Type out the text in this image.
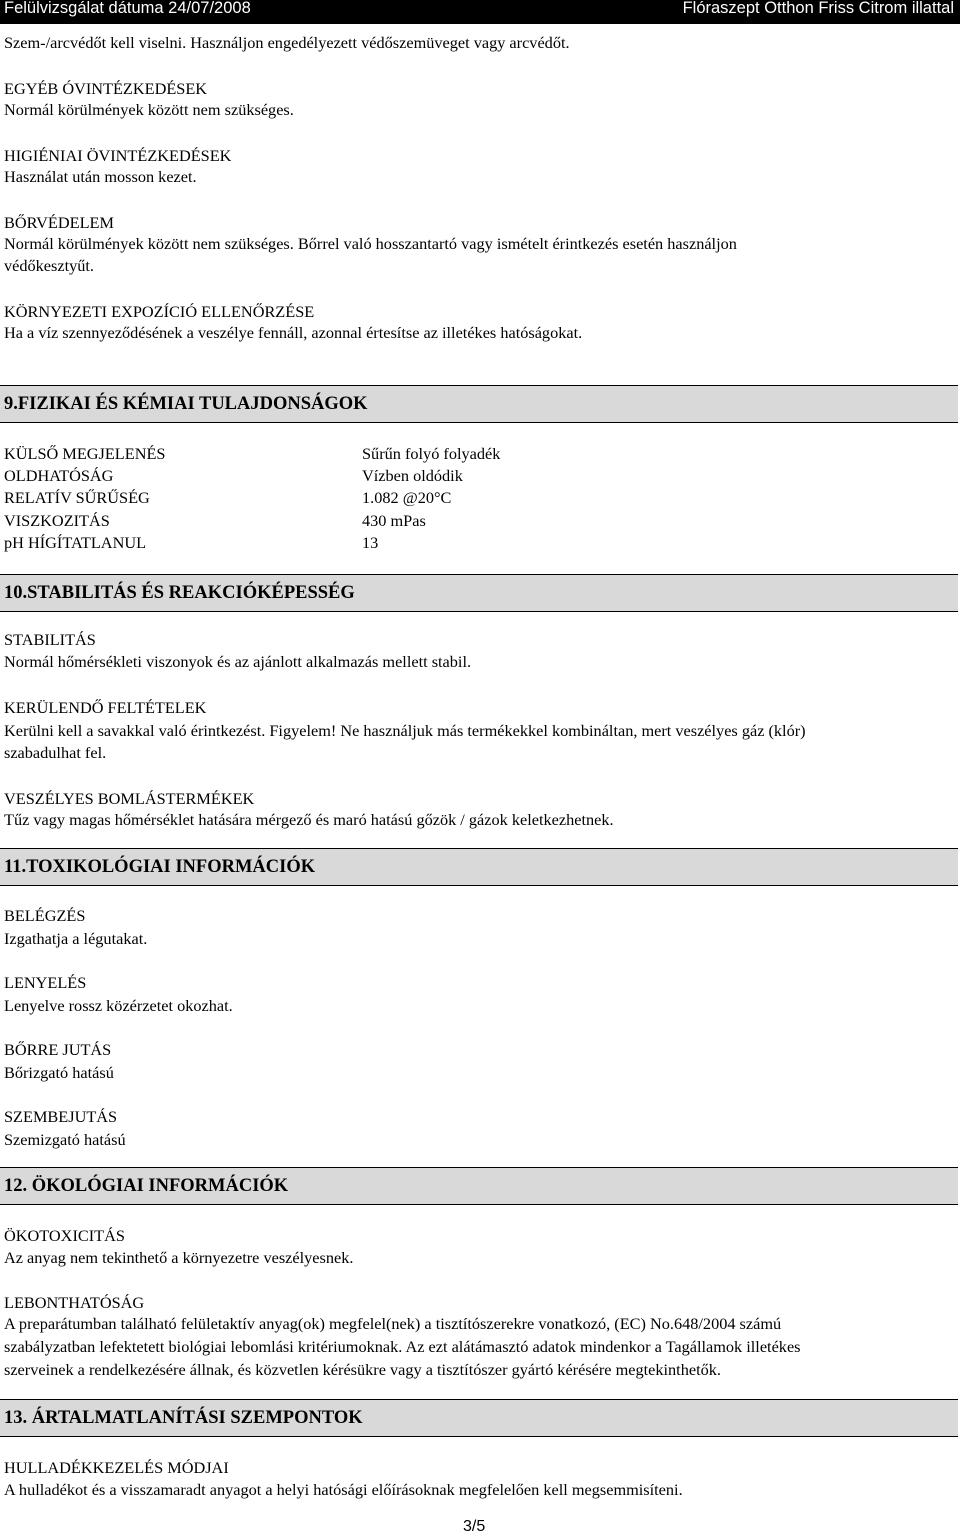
Felülvizsgálat dátuma 24/07/2008	Flóraszept Otthon Friss Citrom illattal
Szem-/arcvédőt kell viselni. Használjon engedélyezett védőszemüveget vagy arcvédőt.
EGYÉB ÓVINTÉZKEDÉSEK
Normál körülmények között nem szükséges.
HIGIÉNIAI ÖVINTÉZKEDÉSEK
Használat után mosson kezet.
BŐRVÉDELEM
Normál körülmények között nem szükséges. Bőrrel való hosszantartó vagy ismételt érintkezés esetén használjon
védőkesztyűt.
KÖRNYEZETI EXPOZÍCIÓ ELLENŐRZÉSE
Ha a víz szennyeződésének a veszélye fennáll, azonnal értesítse az illetékes hatóságokat.
9.FIZIKAI ÉS KÉMIAI TULAJDONSÁGOK
KÜLSŐ MEGJELENÉS	Sűrűn folyó folyadék
OLDHATÓSÁG	Vízben oldódik
RELATÍV SŰRŰSÉG	1.082 @20°C
VISZKOZITÁS	430 mPas
pH HÍGÍTATLANUL	13
10.STABILITÁS ÉS REAKCIÓKÉPESSÉG
STABILITÁS
Normál hőmérsékleti viszonyok és az ajánlott alkalmazás mellett stabil.
KERÜLENDŐ FELTÉTELEK
Kerülni kell a savakkal való érintkezést. Figyelem! Ne használjuk más termékekkel kombináltan, mert veszélyes gáz (klór)
szabadulhat fel.
VESZÉLYES BOMLÁSTERMÉKEK
Tűz vagy magas hőmérséklet hatására mérgező és maró hatású gőzök / gázok keletkezhetnek.
11.TOXIKOLÓGIAI INFORMÁCIÓK
BELÉGZÉS
Izgathatja a légutakat.
LENYELÉS
Lenyelve rossz közérzetet okozhat.
BŐRRE JUTÁS
Bőrizgató hatású
SZEMBEJUTÁS
Szemizgató hatású
12. ÖKOLÓGIAI INFORMÁCIÓK
ÖKOTOXICITÁS
Az anyag nem tekinthető a környezetre veszélyesnek.
LEBONTHATÓSÁG
A preparátumban található felületaktív anyag(ok) megfelel(nek) a tisztítószerekre vonatkozó, (EC) No.648/2004 számú
szabályzatban lefektetett biológiai lebomlási kritériumoknak. Az ezt alátámasztó adatok mindenkor a Tagállamok illetékes
szerveinek a rendelkezésére állnak, és közvetlen kérésükre vagy a tisztítószer gyártó kérésére megtekinthetők.
13. ÁRTALMATLANÍTÁSI SZEMPONTOK
HULLADÉKKEZELÉS MÓDJAI
A hulladékot és a visszamaradt anyagot a helyi hatósági előírásoknak megfelelően kell megsemmisíteni.
3/5
